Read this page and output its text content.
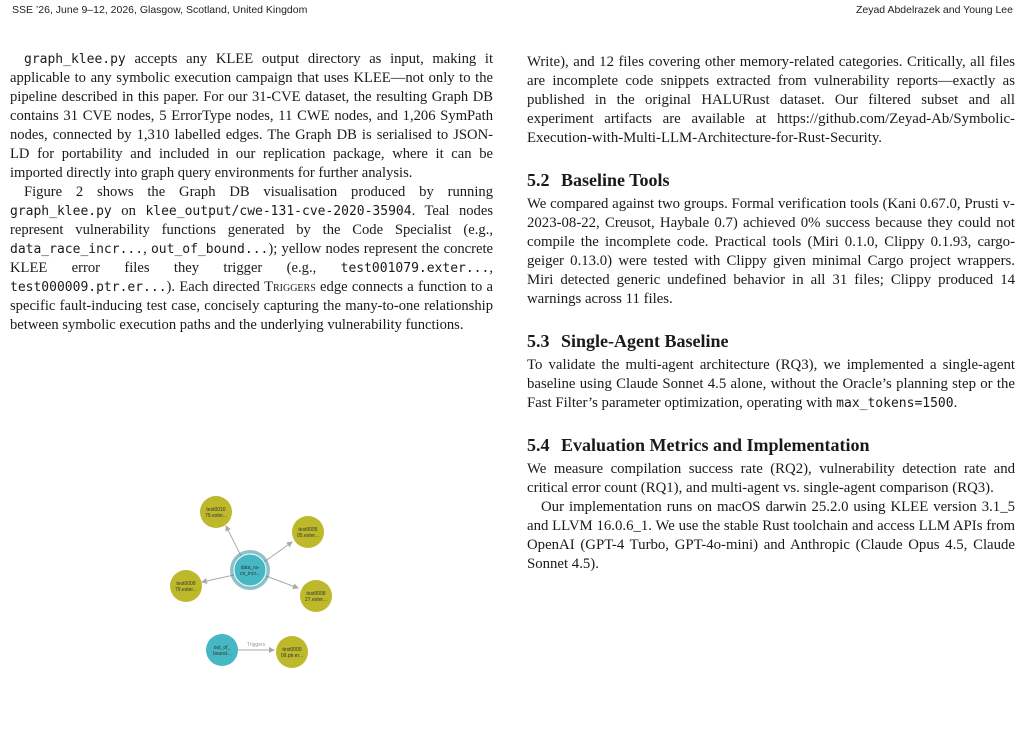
SSE ’26, June 9–12, 2026, Glasgow, Scotland, United Kingdom	Zeyad Abdelrazek and Young Lee

graph_klee.py accepts any KLEE output directory as input, making it applicable to any symbolic execution campaign that uses KLEE—not only to the pipeline described in this paper. For our 31-CVE dataset, the resulting Graph DB contains 31 CVE nodes, 5 ErrorType nodes, 11 CWE nodes, and 1,206 SymPath nodes, connected by 1,310 labelled edges. The Graph DB is serialised to JSON-LD for portability and included in our replication package, where it can be imported directly into graph query environments for further analysis.

Figure 2 shows the Graph DB visualisation produced by running graph_klee.py on klee_output/cwe-131-cve-2020-35904. Teal nodes represent vulnerability functions generated by the Code Specialist (e.g., data_race_incr..., out_of_bound...); yellow nodes represent the concrete KLEE error files they trigger (e.g., test001079.exter..., test000009.ptr.er...). Each directed Triggers edge connects a function to a specific fault-inducing test case, concisely capturing the many-to-one relationship between symbolic execution paths and the underlying vulnerability functions.

Triggers
test0010
79.exter...
test0005
05.exter...
test0009
79.exter...
test0008
27.exter...
test0000
09.ptr.er...
data_ra-
ce_incr...
out_of_
bound...

Write), and 12 files covering other memory-related categories. Critically, all files are incomplete code snippets extracted from vulnerability reports—exactly as published in the original HALURust dataset. Our filtered subset and all experiment artifacts are available at https://github.com/Zeyad-Ab/Symbolic-Execution-with-Multi-LLM-Architecture-for-Rust-Security.

5.2 Baseline Tools

We compared against two groups. Formal verification tools (Kani 0.67.0, Prusti v-2023-08-22, Creusot, Haybale 0.7) achieved 0% success because they could not compile the incomplete code. Practical tools (Miri 0.1.0, Clippy 0.1.93, cargo-geiger 0.13.0) were tested with Clippy given minimal Cargo project wrappers. Miri detected generic undefined behavior in all 31 files; Clippy produced 14 warnings across 11 files.

5.3 Single-Agent Baseline

To validate the multi-agent architecture (RQ3), we implemented a single-agent baseline using Claude Sonnet 4.5 alone, without the Oracle’s planning step or the Fast Filter’s parameter optimization, operating with max_tokens=1500.

5.4 Evaluation Metrics and Implementation

We measure compilation success rate (RQ2), vulnerability detection rate and critical error count (RQ1), and multi-agent vs. single-agent comparison (RQ3).

Our implementation runs on macOS darwin 25.2.0 using KLEE version 3.1_5 and LLVM 16.0.6_1. We use the stable Rust toolchain and access LLM APIs from OpenAI (GPT-4 Turbo, GPT-4o-mini) and Anthropic (Claude Opus 4.5, Claude Sonnet 4.5).
